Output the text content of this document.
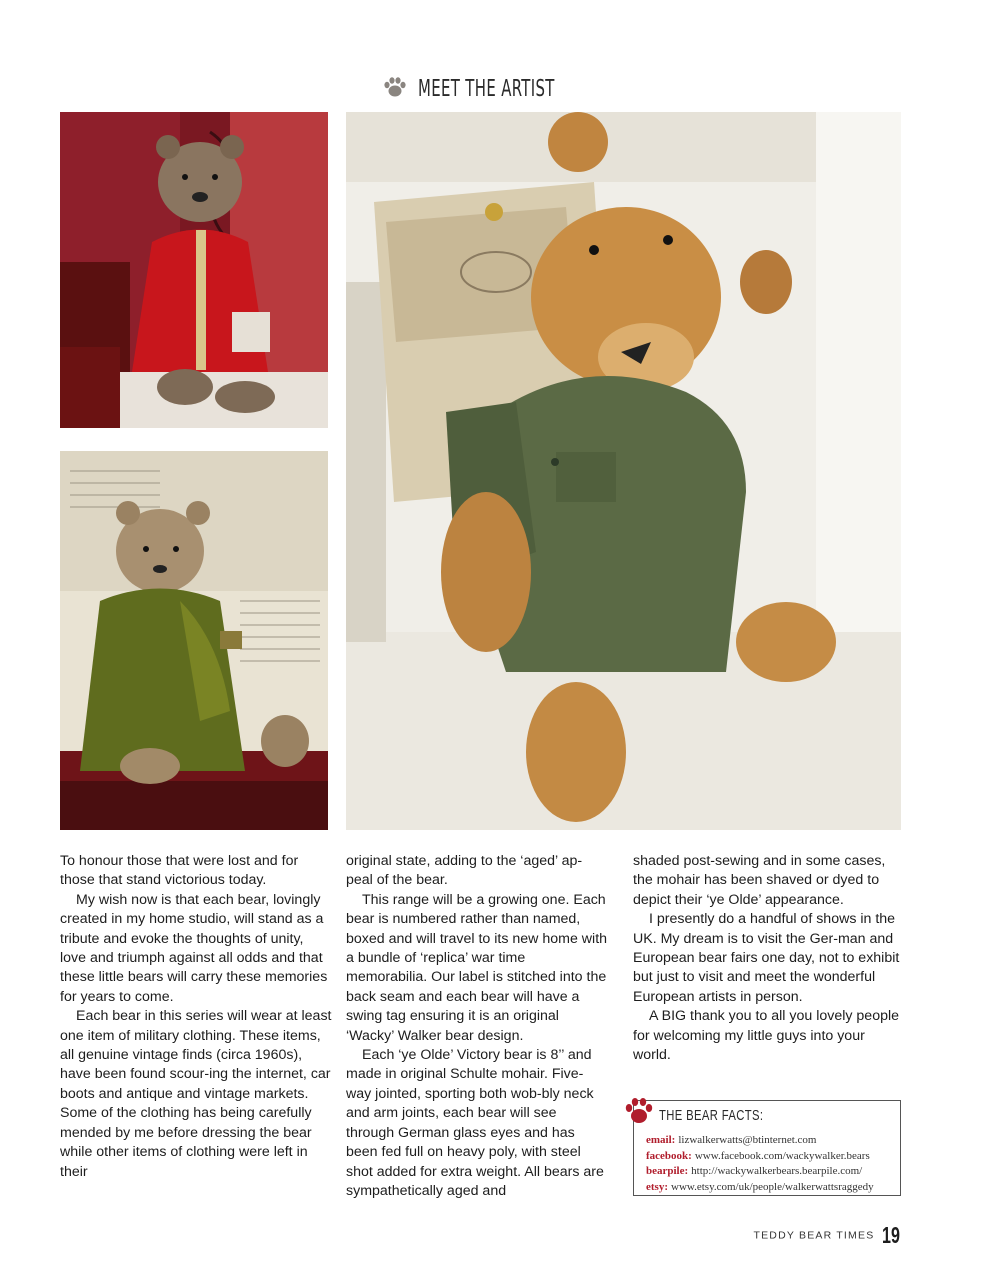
MEET THE ARTIST

To honour those that were lost and for those that stand victorious today.

My wish now is that each bear, lovingly created in my home studio, will stand as a tribute and evoke the thoughts of unity, love and triumph against all odds and that these little bears will carry these memories for years to come.

Each bear in this series will wear at least one item of military clothing. These items, all genuine vintage finds (circa 1960s), have been found scour-ing the internet, car boots and antique and vintage markets. Some of the clothing has being carefully mended by me before dressing the bear while other items of clothing were left in their

original state, adding to the ‘aged’ ap-peal of the bear.

This range will be a growing one. Each bear is numbered rather than named, boxed and will travel to its new home with a bundle of ‘replica’ war time memorabilia. Our label is stitched into the back seam and each bear will have a swing tag ensuring it is an original ‘Wacky’ Walker bear design.

Each ‘ye Olde’ Victory bear is 8’’ and made in original Schulte mohair. Five-way jointed, sporting both wob-bly neck and arm joints, each bear will see through German glass eyes and has been fed full on heavy poly, with steel shot added for extra weight. All bears are sympathetically aged and

shaded post-sewing and in some cases, the mohair has been shaved or dyed to depict their ‘ye Olde’ appearance.

I presently do a handful of shows in the UK. My dream is to visit the Ger-man and European bear fairs one day, not to exhibit but just to visit and meet the wonderful European artists in person.

A BIG thank you to all you lovely people for welcoming my little guys into your world.

THE BEAR FACTS:
email: lizwalkerwatts@btinternet.com
facebook: www.facebook.com/wackywalker.bears
bearpile: http://wackywalkerbears.bearpile.com/
etsy: www.etsy.com/uk/people/walkerwattsraggedy
TEDDY BEAR TIMES 19
